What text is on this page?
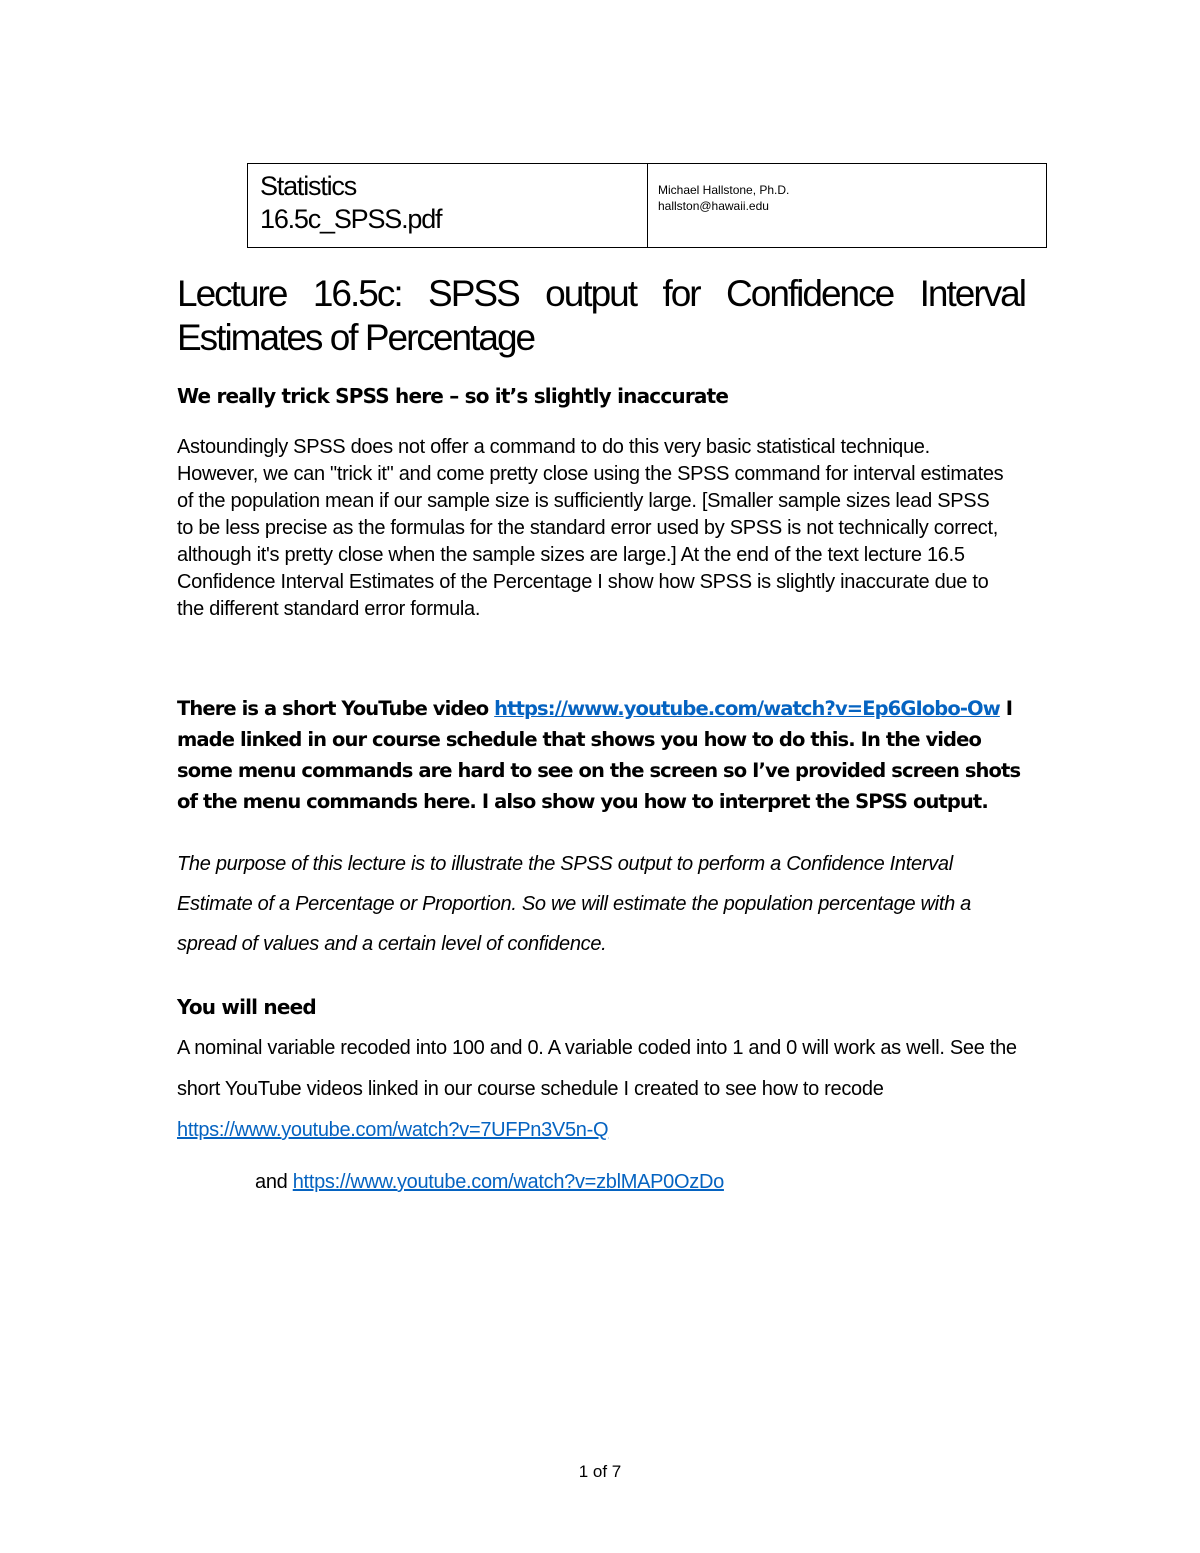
Statistics
16.5c_SPSS.pdf
Michael Hallstone, Ph.D.
hallston@hawaii.edu
Lecture 16.5c: SPSS output for Confidence Interval
Estimates of Percentage

We really trick SPSS here – so it’s slightly inaccurate

Astoundingly SPSS does not offer a command to do this very basic statistical technique. However, we can "trick it" and come pretty close using the SPSS command for interval estimates of the population mean if our sample size is sufficiently large. [Smaller sample sizes lead SPSS to be less precise as the formulas for the standard error used by SPSS is not technically correct, although it's pretty close when the sample sizes are large.] At the end of the text lecture 16.5 Confidence Interval Estimates of the Percentage I show how SPSS is slightly inaccurate due to the different standard error formula.

There is a short YouTube video https://www.youtube.com/watch?v=Ep6GIobo-Ow I made linked in our course schedule that shows you how to do this. In the video some menu commands are hard to see on the screen so I’ve provided screen shots of the menu commands here. I also show you how to interpret the SPSS output.

The purpose of this lecture is to illustrate the SPSS output to perform a Confidence Interval Estimate of a Percentage or Proportion. So we will estimate the population percentage with a spread of values and a certain level of confidence.

You will need

A nominal variable recoded into 100 and 0. A variable coded into 1 and 0 will work as well. See the short YouTube videos linked in our course schedule I created to see how to recode https://www.youtube.com/watch?v=7UFPn3V5n-Q

and https://www.youtube.com/watch?v=zblMAP0OzDo
1 of 7
